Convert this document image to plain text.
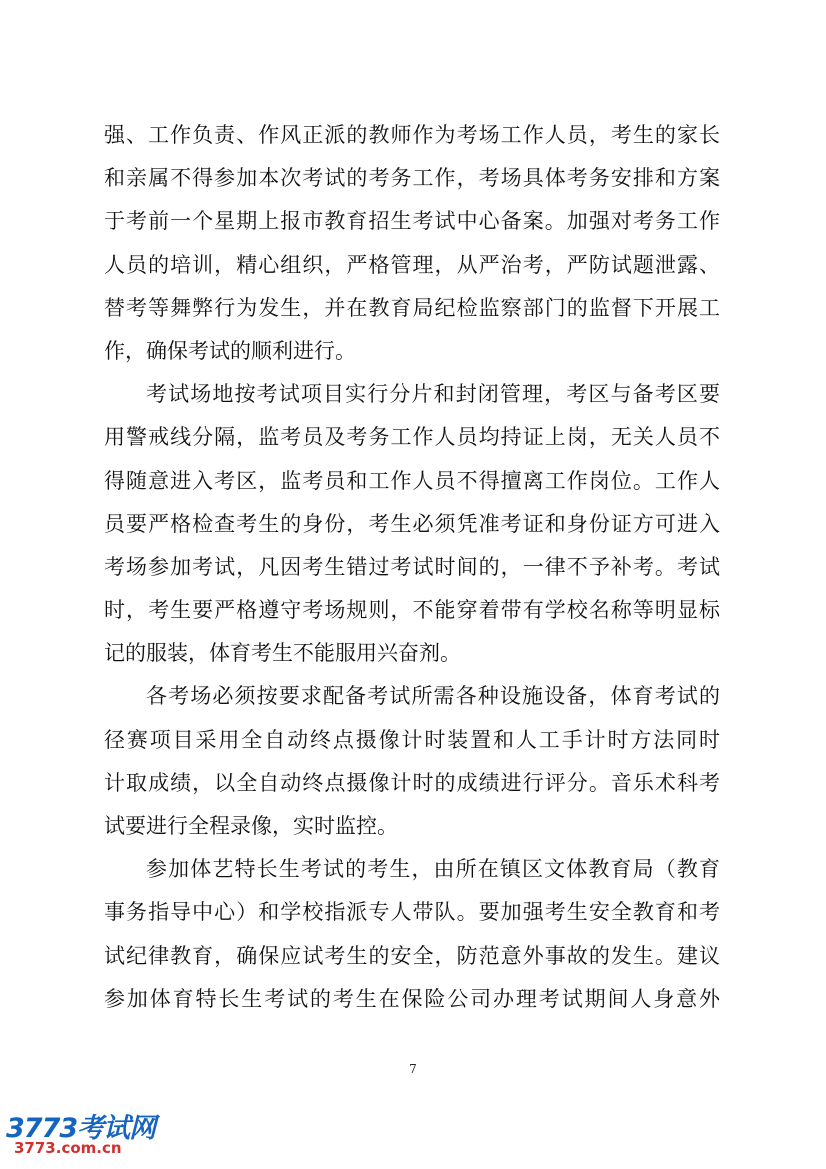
强、工作负责、作风正派的教师作为考场工作人员，考生的家长
和亲属不得参加本次考试的考务工作，考场具体考务安排和方案
于考前一个星期上报市教育招生考试中心备案。加强对考务工作
人员的培训，精心组织，严格管理，从严治考，严防试题泄露、
替考等舞弊行为发生，并在教育局纪检监察部门的监督下开展工
作，确保考试的顺利进行。
考试场地按考试项目实行分片和封闭管理，考区与备考区要
用警戒线分隔，监考员及考务工作人员均持证上岗，无关人员不
得随意进入考区，监考员和工作人员不得擅离工作岗位。工作人
员要严格检查考生的身份，考生必须凭准考证和身份证方可进入
考场参加考试，凡因考生错过考试时间的，一律不予补考。考试
时，考生要严格遵守考场规则，不能穿着带有学校名称等明显标
记的服装，体育考生不能服用兴奋剂。
各考场必须按要求配备考试所需各种设施设备，体育考试的
径赛项目采用全自动终点摄像计时装置和人工手计时方法同时
计取成绩，以全自动终点摄像计时的成绩进行评分。音乐术科考
试要进行全程录像，实时监控。
参加体艺特长生考试的考生，由所在镇区文体教育局（教育
事务指导中心）和学校指派专人带队。要加强考生安全教育和考
试纪律教育，确保应试考生的安全，防范意外事故的发生。建议
参加体育特长生考试的考生在保险公司办理考试期间人身意外
7
3773考试网
3773.com.cn
